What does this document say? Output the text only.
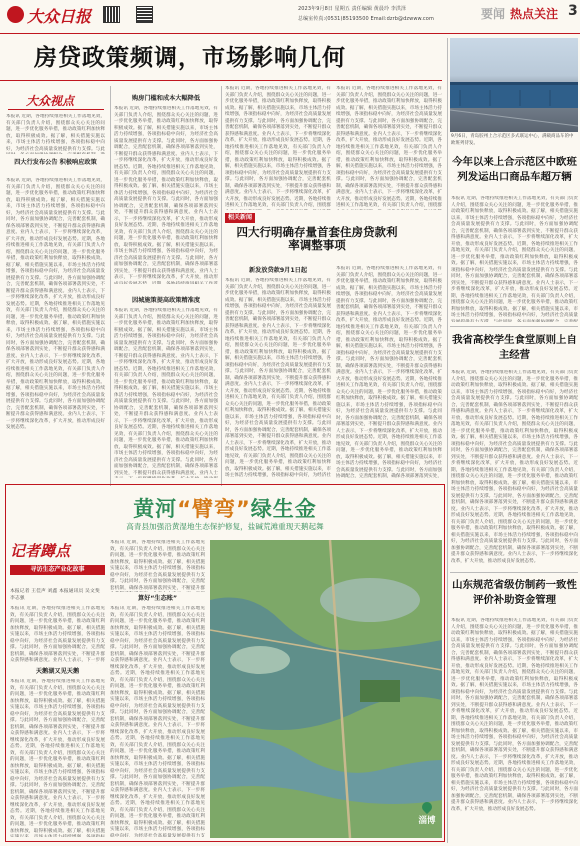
大众日报	2023年9月8日 星期五 责任编辑 黄晨玲 李洪泽
总编室传真:(0531)85193500 Email:dzrb@dzwww.com	要闻 热点关注 3
房贷政策频调，市场影响几何
大众视点
本报讯 近期，各地持续推进相关工作落地见效，有关部门负责人介绍，围绕群众关心关注的问题，进一步优化服务举措，推动政策红利加快释放，取得积极成效。据了解，相关措施实施以来，市场主体活力持续增强，各项指标稳中向好，为经济社会高质量发展提供有力支撑。与此同时，各方面加强协调配合，完善配套机制，确保各项部署落到实处，不断提升群众获得感和满意度。业内人士表示，下一步将继续深化改革，扩大开放，推动形成良好发展态势。近期，各地持续推进相关工作落地见效，有关部门负责人介绍，围绕群众关心关注的问题，进一步优化服务举措，推动政策红利加快释放，取得积极成效。据了解，相关措施实施以来，市场主体活力持续增强，各项指标稳中向好，为经济社会高质量发展提供有力支撑。与此同时，各方面加强协调配合，完善配套机制，确保各项部署落到实处，不断提升群众获得感和满意度。业内人士表示，下一步将继续深化改革，扩大开放，推动形成良好发展态势。近期，各地持续推进相关工作落地见效，有关部门负责人介绍，围绕群众关心关注的问题，进一步优化服务举措，推动政策红利加快释放，取得积极成效。据了解，相关措施实施以来，市场主体活力持续增强，各项指标稳中向好，为经济社会高质量发展提供有力支撑。与此同时，各方面加强协调配合，完善配套机制，确保各项部署落到实处，不断提升群众获得感和满意度。业内人士表示，下一步将继续深化改革，扩大开放，推动形成良好发展态势。近期，各地持续推进相关工作落地见效，有关部门负责人介绍，围绕群众关心关注的问题，进一步优化服务举措，推动政策红利加快释放，取得积极成效。据了解，相关措施实施以来，市场主体活力持续增强，各项指标稳中向好，为经济社会高质量发展提供有力支撑。与此同时，各方面加强协调配合，完善配套机制，确保各项部署落到实处，不断提升群众获得感和满意度。业内人士表示，下一步将继续深化改革，扩大开放，推动形成良好发展态势。
四大行发布公告 积极响应政策
本报讯 近期，各地持续推进相关工作落地见效，有关部门负责人介绍，围绕群众关心关注的问题，进一步优化服务举措，推动政策红利加快释放，取得积极成效。据了解，相关措施实施以来，市场主体活力持续增强，各项指标稳中向好，为经济社会高质量发展提供有力支撑。与此同时，各方面加强协调配合，完善配套机制，确保各项部署落到实处，不断提升群众获得感和满意度。业内人士表示，下一步将继续深化改革，扩大开放，推动形成良好发展态势。近期，各地持续推进相关工作落地见效，有关部门负责人介绍，围绕群众关心关注的问题，进一步优化服务举措，推动政策红利加快释放，取得积极成效。据了解，相关措施实施以来，市场主体活力持续增强，各项指标稳中向好，为经济社会高质量发展提供有力支撑。与此同时，各方面加强协调配合，完善配套机制，确保各项部署落到实处，不断提升群众获得感和满意度。业内人士表示，下一步将继续深化改革，扩大开放，推动形成良好发展态势。近期，各地持续推进相关工作落地见效，有关部门负责人介绍，围绕群众关心关注的问题，进一步优化服务举措，推动政策红利加快释放，取得积极成效。据了解，相关措施实施以来，市场主体活力持续增强，各项指标稳中向好，为经济社会高质量发展提供有力支撑。与此同时，各方面加强协调配合，完善配套机制，确保各项部署落到实处，不断提升群众获得感和满意度。业内人士表示，下一步将继续深化改革，扩大开放，推动形成良好发展态势。近期，各地持续推进相关工作落地见效，有关部门负责人介绍，围绕群众关心关注的问题，进一步优化服务举措，推动政策红利加快释放，取得积极成效。据了解，相关措施实施以来，市场主体活力持续增强，各项指标稳中向好，为经济社会高质量发展提供有力支撑。与此同时，各方面加强协调配合，完善配套机制，确保各项部署落到实处，不断提升群众获得感和满意度。业内人士表示，下一步将继续深化改革，扩大开放，推动形成良好发展态势。
购房门槛和成本大幅降低
本报讯 近期，各地持续推进相关工作落地见效，有关部门负责人介绍，围绕群众关心关注的问题，进一步优化服务举措，推动政策红利加快释放，取得积极成效。据了解，相关措施实施以来，市场主体活力持续增强，各项指标稳中向好，为经济社会高质量发展提供有力支撑。与此同时，各方面加强协调配合，完善配套机制，确保各项部署落到实处，不断提升群众获得感和满意度。业内人士表示，下一步将继续深化改革，扩大开放，推动形成良好发展态势。近期，各地持续推进相关工作落地见效，有关部门负责人介绍，围绕群众关心关注的问题，进一步优化服务举措，推动政策红利加快释放，取得积极成效。据了解，相关措施实施以来，市场主体活力持续增强，各项指标稳中向好，为经济社会高质量发展提供有力支撑。与此同时，各方面加强协调配合，完善配套机制，确保各项部署落到实处，不断提升群众获得感和满意度。业内人士表示，下一步将继续深化改革，扩大开放，推动形成良好发展态势。近期，各地持续推进相关工作落地见效，有关部门负责人介绍，围绕群众关心关注的问题，进一步优化服务举措，推动政策红利加快释放，取得积极成效。据了解，相关措施实施以来，市场主体活力持续增强，各项指标稳中向好，为经济社会高质量发展提供有力支撑。与此同时，各方面加强协调配合，完善配套机制，确保各项部署落到实处，不断提升群众获得感和满意度。业内人士表示，下一步将继续深化改革，扩大开放，推动形成良好发展态势。近期，各地持续推进相关工作落地见效，有关部门负责人介绍，围绕群众关心关注的问题，进一步优化服务举措，推动政策红利加快释放，取得积极成效。据了解，相关措施实施以来，市场主体活力持续增强，各项指标稳中向好，为经济社会高质量发展提供有力支撑。与此同时，各方面加强协调配合，完善配套机制，确保各项部署落到实处，不断提升群众获得感和满意度。业内人士表示，下一步将继续深化改革，扩大开放，推动形成良好发展态势。
因城施策提高政策精准度
本报讯 近期，各地持续推进相关工作落地见效，有关部门负责人介绍，围绕群众关心关注的问题，进一步优化服务举措，推动政策红利加快释放，取得积极成效。据了解，相关措施实施以来，市场主体活力持续增强，各项指标稳中向好，为经济社会高质量发展提供有力支撑。与此同时，各方面加强协调配合，完善配套机制，确保各项部署落到实处，不断提升群众获得感和满意度。业内人士表示，下一步将继续深化改革，扩大开放，推动形成良好发展态势。近期，各地持续推进相关工作落地见效，有关部门负责人介绍，围绕群众关心关注的问题，进一步优化服务举措，推动政策红利加快释放，取得积极成效。据了解，相关措施实施以来，市场主体活力持续增强，各项指标稳中向好，为经济社会高质量发展提供有力支撑。与此同时，各方面加强协调配合，完善配套机制，确保各项部署落到实处，不断提升群众获得感和满意度。业内人士表示，下一步将继续深化改革，扩大开放，推动形成良好发展态势。近期，各地持续推进相关工作落地见效，有关部门负责人介绍，围绕群众关心关注的问题，进一步优化服务举措，推动政策红利加快释放，取得积极成效。据了解，相关措施实施以来，市场主体活力持续增强，各项指标稳中向好，为经济社会高质量发展提供有力支撑。与此同时，各方面加强协调配合，完善配套机制，确保各项部署落到实处，不断提升群众获得感和满意度。业内人士表示，下一步将继续深化改革，扩大开放，推动形成良好发展态势。近期，各地持续推进相关工作落地见效，有关部门负责人介绍，围绕群众关心关注的问题，进一步优化服务举措，推动政策红利加快释放，取得积极成效。据了解，相关措施实施以来，市场主体活力持续增强，各项指标稳中向好，为经济社会高质量发展提供有力支撑。与此同时，各方面加强协调配合，完善配套机制，确保各项部署落到实处，不断提升群众获得感和满意度。业内人士表示，下一步将继续深化改革，扩大开放，推动形成良好发展态势。
本报讯 近期，各地持续推进相关工作落地见效，有关部门负责人介绍，围绕群众关心关注的问题，进一步优化服务举措，推动政策红利加快释放，取得积极成效。据了解，相关措施实施以来，市场主体活力持续增强，各项指标稳中向好，为经济社会高质量发展提供有力支撑。与此同时，各方面加强协调配合，完善配套机制，确保各项部署落到实处，不断提升群众获得感和满意度。业内人士表示，下一步将继续深化改革，扩大开放，推动形成良好发展态势。近期，各地持续推进相关工作落地见效，有关部门负责人介绍，围绕群众关心关注的问题，进一步优化服务举措，推动政策红利加快释放，取得积极成效。据了解，相关措施实施以来，市场主体活力持续增强，各项指标稳中向好，为经济社会高质量发展提供有力支撑。与此同时，各方面加强协调配合，完善配套机制，确保各项部署落到实处，不断提升群众获得感和满意度。业内人士表示，下一步将继续深化改革，扩大开放，推动形成良好发展态势。近期，各地持续推进相关工作落地见效，有关部门负责人介绍，围绕群众关心关注的问题，进一步优化服务举措，推动政策红利加快释放，取得积极成效。据了解，相关措施实施以来，市场主体活力持续增强，各项指标稳中向好，为经济社会高质量发展提供有力支撑。与此同时，各方面加强协调配合，完善配套机制，确保各项部署落到实处，不断提升群众获得感和满意度。业内人士表示，下一步将继续深化改革，扩大开放，推动形成良好发展态势。近期，各地持续推进相关工作落地见效，有关部门负责人介绍，围绕群众关心关注的问题，进一步优化服务举措，推动政策红利加快释放，取得积极成效。据了解，相关措施实施以来，市场主体活力持续增强，各项指标稳中向好，为经济社会高质量发展提供有力支撑。与此同时，各方面加强协调配合，完善配套机制，确保各项部署落到实处，不断提升群众获得感和满意度。业内人士表示，下一步将继续深化改革，扩大开放，推动形成良好发展态势。
本报讯 近期，各地持续推进相关工作落地见效，有关部门负责人介绍，围绕群众关心关注的问题，进一步优化服务举措，推动政策红利加快释放，取得积极成效。据了解，相关措施实施以来，市场主体活力持续增强，各项指标稳中向好，为经济社会高质量发展提供有力支撑。与此同时，各方面加强协调配合，完善配套机制，确保各项部署落到实处，不断提升群众获得感和满意度。业内人士表示，下一步将继续深化改革，扩大开放，推动形成良好发展态势。近期，各地持续推进相关工作落地见效，有关部门负责人介绍，围绕群众关心关注的问题，进一步优化服务举措，推动政策红利加快释放，取得积极成效。据了解，相关措施实施以来，市场主体活力持续增强，各项指标稳中向好，为经济社会高质量发展提供有力支撑。与此同时，各方面加强协调配合，完善配套机制，确保各项部署落到实处，不断提升群众获得感和满意度。业内人士表示，下一步将继续深化改革，扩大开放，推动形成良好发展态势。近期，各地持续推进相关工作落地见效，有关部门负责人介绍，围绕群众关心关注的问题，进一步优化服务举措，推动政策红利加快释放，取得积极成效。据了解，相关措施实施以来，市场主体活力持续增强，各项指标稳中向好，为经济社会高质量发展提供有力支撑。与此同时，各方面加强协调配合，完善配套机制，确保各项部署落到实处，不断提升群众获得感和满意度。业内人士表示，下一步将继续深化改革，扩大开放，推动形成良好发展态势。近期，各地持续推进相关工作落地见效，有关部门负责人介绍，围绕群众关心关注的问题，进一步优化服务举措，推动政策红利加快释放，取得积极成效。据了解，相关措施实施以来，市场主体活力持续增强，各项指标稳中向好，为经济社会高质量发展提供有力支撑。与此同时，各方面加强协调配合，完善配套机制，确保各项部署落到实处，不断提升群众获得感和满意度。业内人士表示，下一步将继续深化改革，扩大开放，推动形成良好发展态势。
相关新闻
四大行明确存量首套住房贷款利率调整事项
新发放贷款9月1日起
本报讯 近期，各地持续推进相关工作落地见效，有关部门负责人介绍，围绕群众关心关注的问题，进一步优化服务举措，推动政策红利加快释放，取得积极成效。据了解，相关措施实施以来，市场主体活力持续增强，各项指标稳中向好，为经济社会高质量发展提供有力支撑。与此同时，各方面加强协调配合，完善配套机制，确保各项部署落到实处，不断提升群众获得感和满意度。业内人士表示，下一步将继续深化改革，扩大开放，推动形成良好发展态势。近期，各地持续推进相关工作落地见效，有关部门负责人介绍，围绕群众关心关注的问题，进一步优化服务举措，推动政策红利加快释放，取得积极成效。据了解，相关措施实施以来，市场主体活力持续增强，各项指标稳中向好，为经济社会高质量发展提供有力支撑。与此同时，各方面加强协调配合，完善配套机制，确保各项部署落到实处，不断提升群众获得感和满意度。业内人士表示，下一步将继续深化改革，扩大开放，推动形成良好发展态势。近期，各地持续推进相关工作落地见效，有关部门负责人介绍，围绕群众关心关注的问题，进一步优化服务举措，推动政策红利加快释放，取得积极成效。据了解，相关措施实施以来，市场主体活力持续增强，各项指标稳中向好，为经济社会高质量发展提供有力支撑。与此同时，各方面加强协调配合，完善配套机制，确保各项部署落到实处，不断提升群众获得感和满意度。业内人士表示，下一步将继续深化改革，扩大开放，推动形成良好发展态势。近期，各地持续推进相关工作落地见效，有关部门负责人介绍，围绕群众关心关注的问题，进一步优化服务举措，推动政策红利加快释放，取得积极成效。据了解，相关措施实施以来，市场主体活力持续增强，各项指标稳中向好，为经济社会高质量发展提供有力支撑。与此同时，各方面加强协调配合，完善配套机制，确保各项部署落到实处，不断提升群众获得感和满意度。业内人士表示，下一步将继续深化改革，扩大开放，推动形成良好发展态势。
本报讯 近期，各地持续推进相关工作落地见效，有关部门负责人介绍，围绕群众关心关注的问题，进一步优化服务举措，推动政策红利加快释放，取得积极成效。据了解，相关措施实施以来，市场主体活力持续增强，各项指标稳中向好，为经济社会高质量发展提供有力支撑。与此同时，各方面加强协调配合，完善配套机制，确保各项部署落到实处，不断提升群众获得感和满意度。业内人士表示，下一步将继续深化改革，扩大开放，推动形成良好发展态势。近期，各地持续推进相关工作落地见效，有关部门负责人介绍，围绕群众关心关注的问题，进一步优化服务举措，推动政策红利加快释放，取得积极成效。据了解，相关措施实施以来，市场主体活力持续增强，各项指标稳中向好，为经济社会高质量发展提供有力支撑。与此同时，各方面加强协调配合，完善配套机制，确保各项部署落到实处，不断提升群众获得感和满意度。业内人士表示，下一步将继续深化改革，扩大开放，推动形成良好发展态势。近期，各地持续推进相关工作落地见效，有关部门负责人介绍，围绕群众关心关注的问题，进一步优化服务举措，推动政策红利加快释放，取得积极成效。据了解，相关措施实施以来，市场主体活力持续增强，各项指标稳中向好，为经济社会高质量发展提供有力支撑。与此同时，各方面加强协调配合，完善配套机制，确保各项部署落到实处，不断提升群众获得感和满意度。业内人士表示，下一步将继续深化改革，扩大开放，推动形成良好发展态势。近期，各地持续推进相关工作落地见效，有关部门负责人介绍，围绕群众关心关注的问题，进一步优化服务举措，推动政策红利加快释放，取得积极成效。据了解，相关措施实施以来，市场主体活力持续增强，各项指标稳中向好，为经济社会高质量发展提供有力支撑。与此同时，各方面加强协调配合，完善配套机制，确保各项部署落到实处，不断提升群众获得感和满意度。业内人士表示，下一步将继续深化改革，扩大开放，推动形成良好发展态势。
9月6日，青岛胶州上合示范区多式联运中心，满载商品车的中欧班列待发。
今年以来上合示范区中欧班列发运出口商品车超万辆
本报讯 近期，各地持续推进相关工作落地见效，有关部门负责人介绍，围绕群众关心关注的问题，进一步优化服务举措，推动政策红利加快释放，取得积极成效。据了解，相关措施实施以来，市场主体活力持续增强，各项指标稳中向好，为经济社会高质量发展提供有力支撑。与此同时，各方面加强协调配合，完善配套机制，确保各项部署落到实处，不断提升群众获得感和满意度。业内人士表示，下一步将继续深化改革，扩大开放，推动形成良好发展态势。近期，各地持续推进相关工作落地见效，有关部门负责人介绍，围绕群众关心关注的问题，进一步优化服务举措，推动政策红利加快释放，取得积极成效。据了解，相关措施实施以来，市场主体活力持续增强，各项指标稳中向好，为经济社会高质量发展提供有力支撑。与此同时，各方面加强协调配合，完善配套机制，确保各项部署落到实处，不断提升群众获得感和满意度。业内人士表示，下一步将继续深化改革，扩大开放，推动形成良好发展态势。近期，各地持续推进相关工作落地见效，有关部门负责人介绍，围绕群众关心关注的问题，进一步优化服务举措，推动政策红利加快释放，取得积极成效。据了解，相关措施实施以来，市场主体活力持续增强，各项指标稳中向好，为经济社会高质量发展提供有力支撑。与此同时，各方面加强协调配合，完善配套机制，确保各项部署落到实处，不断提升群众获得感和满意度。业内人士表示，下一步将继续深化改革，扩大开放，推动形成良好发展态势。近期，各地持续推进相关工作落地见效，有关部门负责人介绍，围绕群众关心关注的问题，进一步优化服务举措，推动政策红利加快释放，取得积极成效。据了解，相关措施实施以来，市场主体活力持续增强，各项指标稳中向好，为经济社会高质量发展提供有力支撑。与此同时，各方面加强协调配合，完善配套机制，确保各项部署落到实处，不断提升群众获得感和满意度。业内人士表示，下一步将继续深化改革，扩大开放，推动形成良好发展态势。
我省高校学生食堂原则上自主经营
本报讯 近期，各地持续推进相关工作落地见效，有关部门负责人介绍，围绕群众关心关注的问题，进一步优化服务举措，推动政策红利加快释放，取得积极成效。据了解，相关措施实施以来，市场主体活力持续增强，各项指标稳中向好，为经济社会高质量发展提供有力支撑。与此同时，各方面加强协调配合，完善配套机制，确保各项部署落到实处，不断提升群众获得感和满意度。业内人士表示，下一步将继续深化改革，扩大开放，推动形成良好发展态势。近期，各地持续推进相关工作落地见效，有关部门负责人介绍，围绕群众关心关注的问题，进一步优化服务举措，推动政策红利加快释放，取得积极成效。据了解，相关措施实施以来，市场主体活力持续增强，各项指标稳中向好，为经济社会高质量发展提供有力支撑。与此同时，各方面加强协调配合，完善配套机制，确保各项部署落到实处，不断提升群众获得感和满意度。业内人士表示，下一步将继续深化改革，扩大开放，推动形成良好发展态势。近期，各地持续推进相关工作落地见效，有关部门负责人介绍，围绕群众关心关注的问题，进一步优化服务举措，推动政策红利加快释放，取得积极成效。据了解，相关措施实施以来，市场主体活力持续增强，各项指标稳中向好，为经济社会高质量发展提供有力支撑。与此同时，各方面加强协调配合，完善配套机制，确保各项部署落到实处，不断提升群众获得感和满意度。业内人士表示，下一步将继续深化改革，扩大开放，推动形成良好发展态势。近期，各地持续推进相关工作落地见效，有关部门负责人介绍，围绕群众关心关注的问题，进一步优化服务举措，推动政策红利加快释放，取得积极成效。据了解，相关措施实施以来，市场主体活力持续增强，各项指标稳中向好，为经济社会高质量发展提供有力支撑。与此同时，各方面加强协调配合，完善配套机制，确保各项部署落到实处，不断提升群众获得感和满意度。业内人士表示，下一步将继续深化改革，扩大开放，推动形成良好发展态势。
山东规范省级仿制药一致性评价补助资金管理
本报讯 近期，各地持续推进相关工作落地见效，有关部门负责人介绍，围绕群众关心关注的问题，进一步优化服务举措，推动政策红利加快释放，取得积极成效。据了解，相关措施实施以来，市场主体活力持续增强，各项指标稳中向好，为经济社会高质量发展提供有力支撑。与此同时，各方面加强协调配合，完善配套机制，确保各项部署落到实处，不断提升群众获得感和满意度。业内人士表示，下一步将继续深化改革，扩大开放，推动形成良好发展态势。近期，各地持续推进相关工作落地见效，有关部门负责人介绍，围绕群众关心关注的问题，进一步优化服务举措，推动政策红利加快释放，取得积极成效。据了解，相关措施实施以来，市场主体活力持续增强，各项指标稳中向好，为经济社会高质量发展提供有力支撑。与此同时，各方面加强协调配合，完善配套机制，确保各项部署落到实处，不断提升群众获得感和满意度。业内人士表示，下一步将继续深化改革，扩大开放，推动形成良好发展态势。近期，各地持续推进相关工作落地见效，有关部门负责人介绍，围绕群众关心关注的问题，进一步优化服务举措，推动政策红利加快释放，取得积极成效。据了解，相关措施实施以来，市场主体活力持续增强，各项指标稳中向好，为经济社会高质量发展提供有力支撑。与此同时，各方面加强协调配合，完善配套机制，确保各项部署落到实处，不断提升群众获得感和满意度。业内人士表示，下一步将继续深化改革，扩大开放，推动形成良好发展态势。近期，各地持续推进相关工作落地见效，有关部门负责人介绍，围绕群众关心关注的问题，进一步优化服务举措，推动政策红利加快释放，取得积极成效。据了解，相关措施实施以来，市场主体活力持续增强，各项指标稳中向好，为经济社会高质量发展提供有力支撑。与此同时，各方面加强协调配合，完善配套机制，确保各项部署落到实处，不断提升群众获得感和满意度。业内人士表示，下一步将继续深化改革，扩大开放，推动形成良好发展态势。
黄河“臂弯”绿生金
高青县加强沿黄湿地生态保护修复，盐碱荒滩重现天鹅起舞
记者蹲点
寻访生态产业化故事
本报记者 王佳声 刘鑫 本报通讯员 吴文斐 李志强
本报讯 近期，各地持续推进相关工作落地见效，有关部门负责人介绍，围绕群众关心关注的问题，进一步优化服务举措，推动政策红利加快释放，取得积极成效。据了解，相关措施实施以来，市场主体活力持续增强，各项指标稳中向好，为经济社会高质量发展提供有力支撑。与此同时，各方面加强协调配合，完善配套机制，确保各项部署落到实处，不断提升群众获得感和满意度。业内人士表示，下一步将继续深化改革，扩大开放，推动形成良好发展态势。近期，各地持续推进相关工作落地见效，有关部门负责人介绍，围绕群众关心关注的问题，进一步优化服务举措，推动政策红利加快释放，取得积极成效。据了解，相关措施实施以来，市场主体活力持续增强，各项指标稳中向好，为经济社会高质量发展提供有力支撑。与此同时，各方面加强协调配合，完善配套机制，确保各项部署落到实处，不断提升群众获得感和满意度。业内人士表示，下一步将继续深化改革，扩大开放，推动形成良好发展态势。近期，各地持续推进相关工作落地见效，有关部门负责人介绍，围绕群众关心关注的问题，进一步优化服务举措，推动政策红利加快释放，取得积极成效。据了解，相关措施实施以来，市场主体活力持续增强，各项指标稳中向好，为经济社会高质量发展提供有力支撑。与此同时，各方面加强协调配合，完善配套机制，确保各项部署落到实处，不断提升群众获得感和满意度。业内人士表示，下一步将继续深化改革，扩大开放，推动形成良好发展态势。近期，各地持续推进相关工作落地见效，有关部门负责人介绍，围绕群众关心关注的问题，进一步优化服务举措，推动政策红利加快释放，取得积极成效。据了解，相关措施实施以来，市场主体活力持续增强，各项指标稳中向好，为经济社会高质量发展提供有力支撑。与此同时，各方面加强协调配合，完善配套机制，确保各项部署落到实处，不断提升群众获得感和满意度。业内人士表示，下一步将继续深化改革，扩大开放，推动形成良好发展态势。
天鹅湖又见天鹅
本报讯 近期，各地持续推进相关工作落地见效，有关部门负责人介绍，围绕群众关心关注的问题，进一步优化服务举措，推动政策红利加快释放，取得积极成效。据了解，相关措施实施以来，市场主体活力持续增强，各项指标稳中向好，为经济社会高质量发展提供有力支撑。与此同时，各方面加强协调配合，完善配套机制，确保各项部署落到实处，不断提升群众获得感和满意度。业内人士表示，下一步将继续深化改革，扩大开放，推动形成良好发展态势。近期，各地持续推进相关工作落地见效，有关部门负责人介绍，围绕群众关心关注的问题，进一步优化服务举措，推动政策红利加快释放，取得积极成效。据了解，相关措施实施以来，市场主体活力持续增强，各项指标稳中向好，为经济社会高质量发展提供有力支撑。与此同时，各方面加强协调配合，完善配套机制，确保各项部署落到实处，不断提升群众获得感和满意度。业内人士表示，下一步将继续深化改革，扩大开放，推动形成良好发展态势。近期，各地持续推进相关工作落地见效，有关部门负责人介绍，围绕群众关心关注的问题，进一步优化服务举措，推动政策红利加快释放，取得积极成效。据了解，相关措施实施以来，市场主体活力持续增强，各项指标稳中向好，为经济社会高质量发展提供有力支撑。与此同时，各方面加强协调配合，完善配套机制，确保各项部署落到实处，不断提升群众获得感和满意度。业内人士表示，下一步将继续深化改革，扩大开放，推动形成良好发展态势。近期，各地持续推进相关工作落地见效，有关部门负责人介绍，围绕群众关心关注的问题，进一步优化服务举措，推动政策红利加快释放，取得积极成效。据了解，相关措施实施以来，市场主体活力持续增强，各项指标稳中向好，为经济社会高质量发展提供有力支撑。与此同时，各方面加强协调配合，完善配套机制，确保各项部署落到实处，不断提升群众获得感和满意度。业内人士表示，下一步将继续深化改革，扩大开放，推动形成良好发展态势。
本报讯 近期，各地持续推进相关工作落地见效，有关部门负责人介绍，围绕群众关心关注的问题，进一步优化服务举措，推动政策红利加快释放，取得积极成效。据了解，相关措施实施以来，市场主体活力持续增强，各项指标稳中向好，为经济社会高质量发展提供有力支撑。与此同时，各方面加强协调配合，完善配套机制，确保各项部署落到实处，不断提升群众获得感和满意度。业内人士表示，下一步将继续深化改革，扩大开放，推动形成良好发展态势。近期，各地持续推进相关工作落地见效，有关部门负责人介绍，围绕群众关心关注的问题，进一步优化服务举措，推动政策红利加快释放，取得积极成效。据了解，相关措施实施以来，市场主体活力持续增强，各项指标稳中向好，为经济社会高质量发展提供有力支撑。与此同时，各方面加强协调配合，完善配套机制，确保各项部署落到实处，不断提升群众获得感和满意度。业内人士表示，下一步将继续深化改革，扩大开放，推动形成良好发展态势。近期，各地持续推进相关工作落地见效，有关部门负责人介绍，围绕群众关心关注的问题，进一步优化服务举措，推动政策红利加快释放，取得积极成效。据了解，相关措施实施以来，市场主体活力持续增强，各项指标稳中向好，为经济社会高质量发展提供有力支撑。与此同时，各方面加强协调配合，完善配套机制，确保各项部署落到实处，不断提升群众获得感和满意度。业内人士表示，下一步将继续深化改革，扩大开放，推动形成良好发展态势。近期，各地持续推进相关工作落地见效，有关部门负责人介绍，围绕群众关心关注的问题，进一步优化服务举措，推动政策红利加快释放，取得积极成效。据了解，相关措施实施以来，市场主体活力持续增强，各项指标稳中向好，为经济社会高质量发展提供有力支撑。与此同时，各方面加强协调配合，完善配套机制，确保各项部署落到实处，不断提升群众获得感和满意度。业内人士表示，下一步将继续深化改革，扩大开放，推动形成良好发展态势。
算好“生态账”
本报讯 近期，各地持续推进相关工作落地见效，有关部门负责人介绍，围绕群众关心关注的问题，进一步优化服务举措，推动政策红利加快释放，取得积极成效。据了解，相关措施实施以来，市场主体活力持续增强，各项指标稳中向好，为经济社会高质量发展提供有力支撑。与此同时，各方面加强协调配合，完善配套机制，确保各项部署落到实处，不断提升群众获得感和满意度。业内人士表示，下一步将继续深化改革，扩大开放，推动形成良好发展态势。近期，各地持续推进相关工作落地见效，有关部门负责人介绍，围绕群众关心关注的问题，进一步优化服务举措，推动政策红利加快释放，取得积极成效。据了解，相关措施实施以来，市场主体活力持续增强，各项指标稳中向好，为经济社会高质量发展提供有力支撑。与此同时，各方面加强协调配合，完善配套机制，确保各项部署落到实处，不断提升群众获得感和满意度。业内人士表示，下一步将继续深化改革，扩大开放，推动形成良好发展态势。近期，各地持续推进相关工作落地见效，有关部门负责人介绍，围绕群众关心关注的问题，进一步优化服务举措，推动政策红利加快释放，取得积极成效。据了解，相关措施实施以来，市场主体活力持续增强，各项指标稳中向好，为经济社会高质量发展提供有力支撑。与此同时，各方面加强协调配合，完善配套机制，确保各项部署落到实处，不断提升群众获得感和满意度。业内人士表示，下一步将继续深化改革，扩大开放，推动形成良好发展态势。近期，各地持续推进相关工作落地见效，有关部门负责人介绍，围绕群众关心关注的问题，进一步优化服务举措，推动政策红利加快释放，取得积极成效。据了解，相关措施实施以来，市场主体活力持续增强，各项指标稳中向好，为经济社会高质量发展提供有力支撑。与此同时，各方面加强协调配合，完善配套机制，确保各项部署落到实处，不断提升群众获得感和满意度。业内人士表示，下一步将继续深化改革，扩大开放，推动形成良好发展态势。
淄博
